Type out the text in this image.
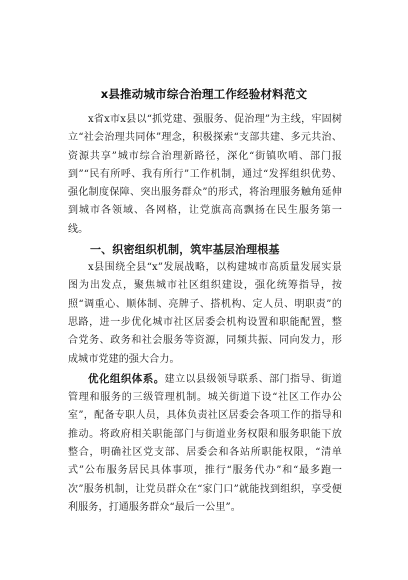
x县推动城市综合治理工作经验材料范文

x省x市x县以“抓党建、强服务、促治理”为主线，牢固树立“社会治理共同体”理念，积极探索“支部共建、多元共治、资源共享”城市综合治理新路径，深化“街镇吹哨、部门报到”“民有所呼、我有所行”工作机制，通过“发挥组织优势、强化制度保障、突出服务群众”的形式，将治理服务触角延伸到城市各领域、各网格，让党旗高高飘扬在民生服务第一线。

一、织密组织机制，筑牢基层治理根基

x县围绕全县“x”发展战略，以构建城市高质量发展实景图为出发点，聚焦城市社区组织建设，强化统筹指导，按照“调重心、顺体制、亮牌子、搭机构、定人员、明职责”的思路，进一步优化城市社区居委会机构设置和职能配置，整合党务、政务和社会服务等资源，同频共振、同向发力，形成城市党建的强大合力。

优化组织体系。建立以县级领导联系、部门指导、街道管理和服务的三级管理机制。城关街道下设“社区工作办公室”，配备专职人员，具体负责社区居委会各项工作的指导和推动。将政府相关职能部门与街道业务权限和服务职能下放整合，明确社区党支部、居委会和各站所职能权限，“清单式”公布服务居民具体事项，推行“服务代办”和“最多跑一次”服务机制，让党员群众在“家门口”就能找到组织，享受便利服务，打通服务群众“最后一公里”。
